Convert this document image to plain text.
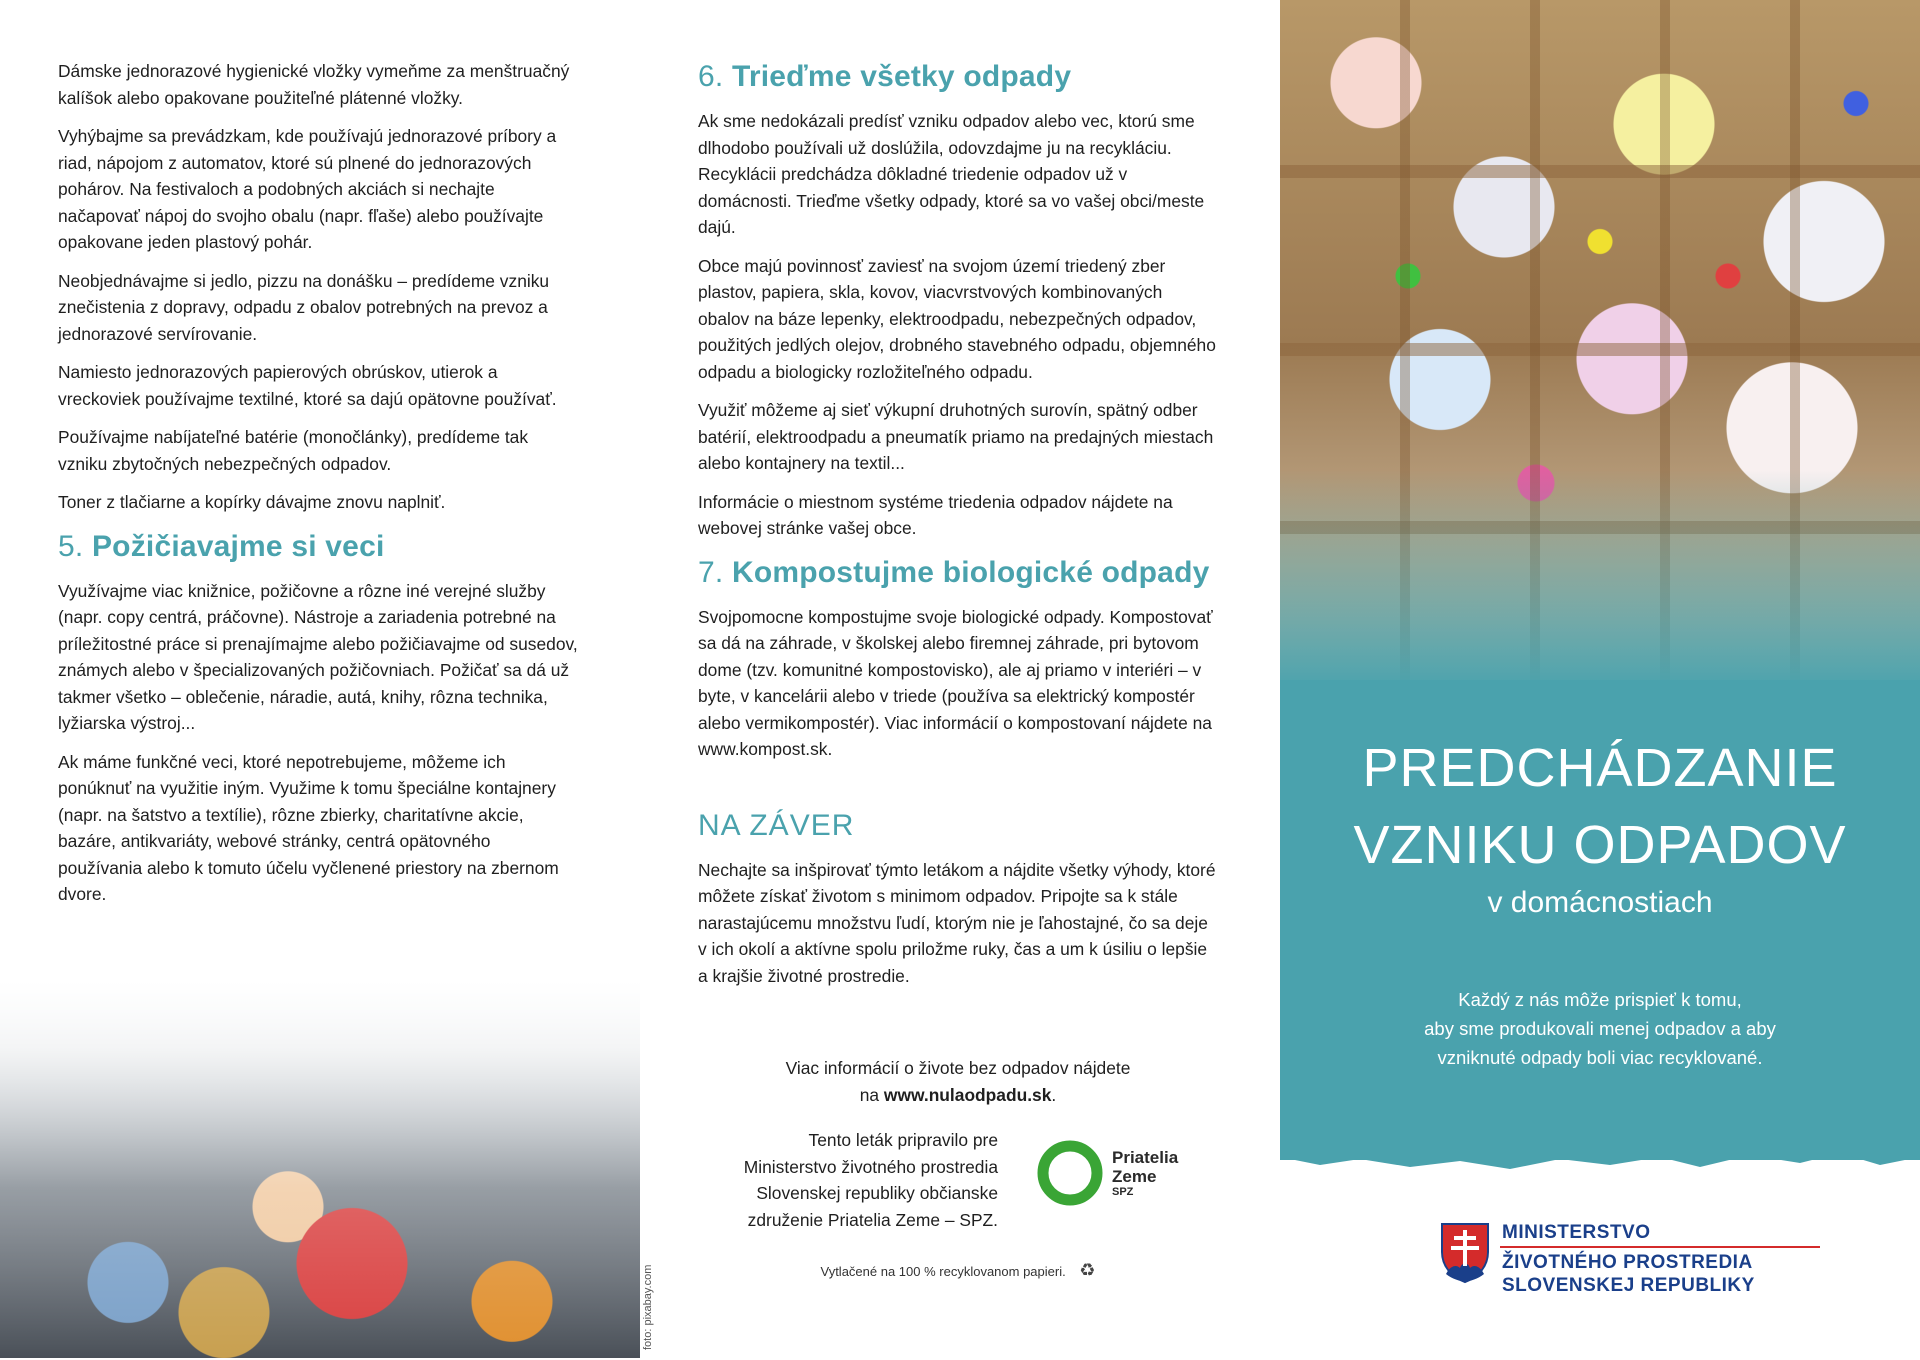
Dámske jednorazové hygienické vložky vymeňme za menštruačný kalíšok alebo opakovane použiteľné plátenné vložky.

Vyhýbajme sa prevádzkam, kde používajú jednorazové príbory a riad, nápojom z automatov, ktoré sú plnené do jednorazových pohárov. Na festivaloch a podobných akciách si nechajte načapovať nápoj do svojho obalu (napr. fľaše) alebo používajte opakovane jeden plastový pohár.

Neobjednávajme si jedlo, pizzu na donášku – predídeme vzniku znečistenia z dopravy, odpadu z obalov potrebných na prevoz a jednorazové servírovanie.

Namiesto jednorazových papierových obrúskov, utierok a vreckoviek používajme textilné, ktoré sa dajú opätovne používať.

Používajme nabíjateľné batérie (monočlánky), predídeme tak vzniku zbytočných nebezpečných odpadov.

Toner z tlačiarne a kopírky dávajme znovu naplniť.

5. Požičiavajme si veci

Využívajme viac knižnice, požičovne a rôzne iné verejné služby (napr. copy centrá, práčovne). Nástroje a zariadenia potrebné na príležitostné práce si prenajímajme alebo požičiavajme od susedov, známych alebo v špecializovaných požičovniach. Požičať sa dá už takmer všetko – oblečenie, náradie, autá, knihy, rôzna technika, lyžiarska výstroj...

Ak máme funkčné veci, ktoré nepotrebujeme, môžeme ich ponúknuť na využitie iným. Využime k tomu špeciálne kontajnery (napr. na šatstvo a textílie), rôzne zbierky, charitatívne akcie, bazáre, antikvariáty, webové stránky, centrá opätovného používania alebo k tomuto účelu vyčlenené priestory na zbernom dvore.

foto: pixabay.com
6. Trieďme všetky odpady

Ak sme nedokázali predísť vzniku odpadov alebo vec, ktorú sme dlhodobo používali už doslúžila, odovzdajme ju na recykláciu. Recyklácii predchádza dôkladné triedenie odpadov už v domácnosti. Trieďme všetky odpady, ktoré sa vo vašej obci/meste dajú.

Obce majú povinnosť zaviesť na svojom území triedený zber plastov, papiera, skla, kovov, viacvrstvových kombinovaných obalov na báze lepenky, elektroodpadu, nebezpečných odpadov, použitých jedlých olejov, drobného stavebného odpadu, objemného odpadu a biologicky rozložiteľného odpadu.

Využiť môžeme aj sieť výkupní druhotných surovín, spätný odber batérií, elektroodpadu a pneumatík priamo na predajných miestach alebo kontajnery na textil...

Informácie o miestnom systéme triedenia odpadov nájdete na webovej stránke vašej obce.

7. Kompostujme biologické odpady

Svojpomocne kompostujme svoje biologické odpady. Kompostovať sa dá na záhrade, v školskej alebo firemnej záhrade, pri bytovom dome (tzv. komunitné kompostovisko), ale aj priamo v interiéri – v byte, v kancelárii alebo v triede (používa sa elektrický kompostér alebo vermikompostér). Viac informácií o kompostovaní nájdete na www.kompost.sk.

NA ZÁVER

Nechajte sa inšpirovať týmto letákom a nájdite všetky výhody, ktoré môžete získať životom s minimom odpadov. Pripojte sa k stále narastajúcemu množstvu ľudí, ktorým nie je ľahostajné, čo sa deje v ich okolí a aktívne spolu priložme ruky, čas a um k úsiliu o lepšie a krajšie životné prostredie.

Viac informácií o živote bez odpadov nájdete

na www.nulaodpadu.sk.

Tento leták pripravilo pre

Ministerstvo životného prostredia

Slovenskej republiky občianske

združenie Priatelia Zeme – SPZ.

Priatelia
Zeme
SPZ
Vytlačené na 100 % recyklovanom papieri. ♻
PREDCHÁDZANIE
VZNIKU ODPADOV
v domácnostiach
Každý z nás môže prispieť k tomu,
aby sme produkovali menej odpadov a aby
vzniknuté odpady boli viac recyklované.
MINISTERSTVO
ŽIVOTNÉHO PROSTREDIA
SLOVENSKEJ REPUBLIKY
